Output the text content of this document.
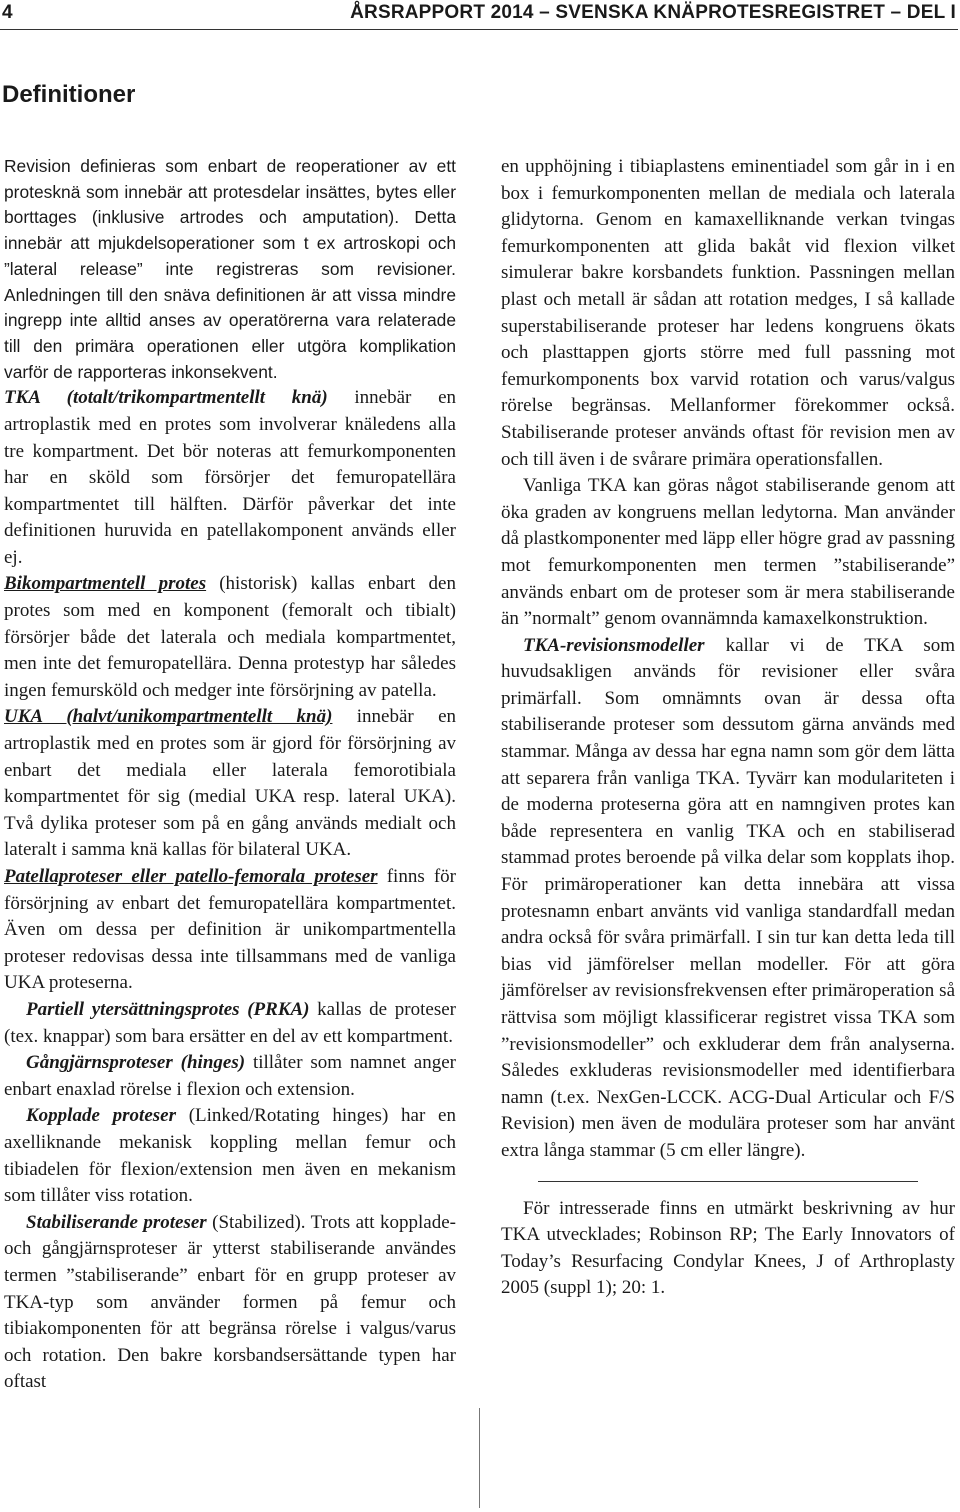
4	ÅRSRAPPORT 2014 – SVENSKA KNÄPROTESREGISTRET – DEL I
Definitioner

Revision definieras som enbart de reoperationer av ett protesknä som innebär att protesdelar insättes, bytes eller borttages (inklusive artrodes och amputation). Detta innebär att mjukdelsoperationer som t ex artroskopi och ”lateral release” inte registreras som revisioner. Anledningen till den snäva definitionen är att vissa mindre ingrepp inte alltid anses av operatörerna vara relaterade till den primära operationen eller utgöra komplikation varför de rapporteras inkonsekvent.

TKA (totalt/trikompartmentellt knä) innebär en artroplastik med en protes som involverar knäledens alla tre kompartment. Det bör noteras att femurkomponenten har en sköld som försörjer det femuropatellära kompartmentet till hälften. Därför påverkar det inte definitionen huruvida en patellakomponent används eller ej.

Bikompartmentell protes (historisk) kallas enbart den protes som med en komponent (femoralt och tibialt) försörjer både det laterala och mediala kompartmentet, men inte det femuropatellära. Denna protestyp har således ingen femursköld och medger inte försörjning av patella.

UKA (halvt/unikompartmentellt knä) innebär en artroplastik med en protes som är gjord för försörjning av enbart det mediala eller laterala femorotibiala kompartmentet för sig (medial UKA resp. lateral UKA). Två dylika proteser som på en gång används medialt och lateralt i samma knä kallas för bilateral UKA.

Patellaproteser eller patello-femorala proteser finns för försörjning av enbart det femuropatellära kompartmentet. Även om dessa per definition är unikompartmentella proteser redovisas dessa inte tillsammans med de vanliga UKA proteserna.

Partiell ytersättningsprotes (PRKA) kallas de proteser (tex. knappar) som bara ersätter en del av ett kompartment.

Gångjärnsproteser (hinges) tillåter som namnet anger enbart enaxlad rörelse i flexion och extension.

Kopplade proteser (Linked/Rotating hinges) har en axelliknande mekanisk koppling mellan femur och tibiadelen för flexion/extension men även en mekanism som tillåter viss rotation.

Stabiliserande proteser (Stabilized). Trots att kopplade- och gångjärnsproteser är ytterst stabiliserande användes termen ”stabiliserande” enbart för en grupp proteser av TKA-typ som använder formen på femur och tibiakomponenten för att begränsa rörelse i valgus/varus och rotation. Den bakre korsbandsersättande typen har oftast

en upphöjning i tibiaplastens eminentiadel som går in i en box i femurkomponenten mellan de mediala och laterala glidytorna. Genom en kamaxelliknande verkan tvingas femurkomponenten att glida bakåt vid flexion vilket simulerar bakre korsbandets funktion. Passningen mellan plast och metall är sådan att rotation medges, I så kallade superstabiliserande proteser har ledens kongruens ökats och plasttappen gjorts större med full passning mot femurkomponents box varvid rotation och varus/valgus rörelse begränsas. Mellanformer förekommer också. Stabiliserande proteser används oftast för revision men av och till även i de svårare primära operationsfallen.

Vanliga TKA kan göras något stabiliserande genom att öka graden av kongruens mellan ledytorna. Man använder då plastkomponenter med läpp eller högre grad av passning mot femurkomponenten men termen ”stabiliserande” används enbart om de proteser som är mera stabiliserande än ”normalt” genom ovannämnda kamaxelkonstruktion.

TKA-revisionsmodeller kallar vi de TKA som huvudsakligen används för revisioner eller svåra primärfall. Som omnämnts ovan är dessa ofta stabiliserande proteser som dessutom gärna används med stammar. Många av dessa har egna namn som gör dem lätta att separera från vanliga TKA. Tyvärr kan modulariteten i de moderna proteserna göra att en namngiven protes kan både representera en vanlig TKA och en stabiliserad stammad protes beroende på vilka delar som kopplats ihop. För primäroperationer kan detta innebära att vissa protesnamn enbart använts vid vanliga standardfall medan andra också för svåra primärfall. I sin tur kan detta leda till bias vid jämförelser mellan modeller. För att göra jämförelser av revisionsfrekvensen efter primäroperation så rättvisa som möjligt klassificerar registret vissa TKA som ”revisionsmodeller” och exkluderar dem från analyserna. Således exkluderas revisionsmodeller med identifierbara namn (t.ex. NexGen-LCCK. ACG-Dual Articular och F/S Revision) men även de modulära proteser som har använt extra långa stammar (5 cm eller längre).

För intresserade finns en utmärkt beskrivning av hur TKA utvecklades; Robinson RP; The Early Innovators of Today’s Resurfacing Condylar Knees, J of Arthroplasty 2005 (suppl 1); 20: 1.
